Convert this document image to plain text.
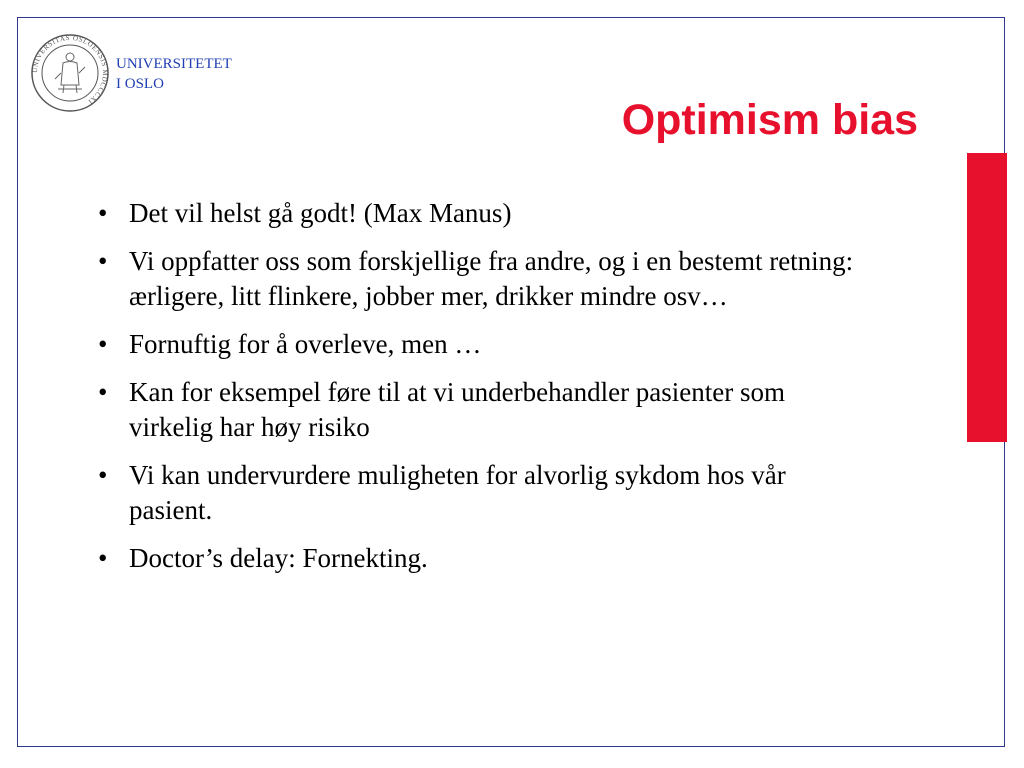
UNIVERSITAS OSLOENSIS MDCCCXI
UNIVERSITETET
I OSLO
Optimism bias
• Det vil helst gå godt! (Max Manus)
• Vi oppfatter oss som forskjellige fra andre, og i en bestemt retning: ærligere, litt flinkere, jobber mer, drikker mindre osv…
• Fornuftig for å overleve, men …
• Kan for eksempel føre til at vi underbehandler pasienter som virkelig har høy risiko
• Vi kan undervurdere muligheten for alvorlig sykdom hos vår pasient.
• Doctor’s delay: Fornekting.
